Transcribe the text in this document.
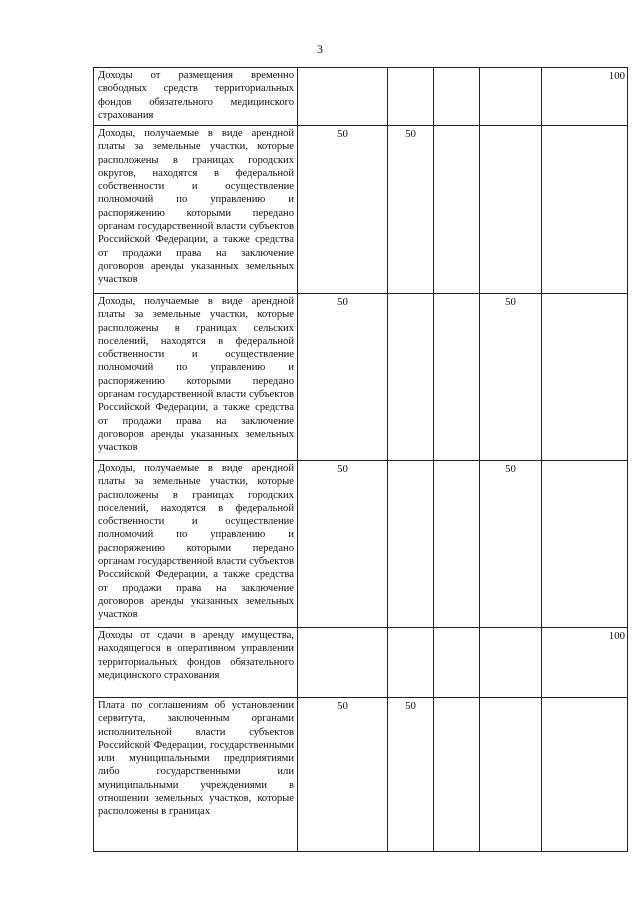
3
Доходы от размещения временно свободных средств территориальных фондов обязательного медицинского страхования					100
Доходы, получаемые в виде арендной платы за земельные участки, которые расположены в границах городских округов, находятся в федеральной собственности и осуществление полномочий по управлению и распоряжению которыми передано органам государственной власти субъектов Российской Федерации, а также средства от продажи права на заключение договоров аренды указанных земельных участков	50	50			
Доходы, получаемые в виде арендной платы за земельные участки, которые расположены в границах сельских поселений, находятся в федеральной собственности и осуществление полномочий по управлению и распоряжению которыми передано органам государственной власти субъектов Российской Федерации, а также средства от продажи права на заключение договоров аренды указанных земельных участков	50			50	
Доходы, получаемые в виде арендной платы за земельные участки, которые расположены в границах городских поселений, находятся в федеральной собственности и осуществление полномочий по управлению и распоряжению которыми передано органам государственной власти субъектов Российской Федерации, а также средства от продажи права на заключение договоров аренды указанных земельных участков	50			50	
Доходы от сдачи в аренду имущества, находящегося в оперативном управлении территориальных фондов обязательного медицинского страхования					100
Плата по соглашениям об установлении сервитута, заключенным органами исполнительной власти субъектов Российской Федерации, государственными или муниципальными предприятиями либо государственными или муниципальными учреждениями в отношении земельных участков, которые расположены в границах	50	50			
